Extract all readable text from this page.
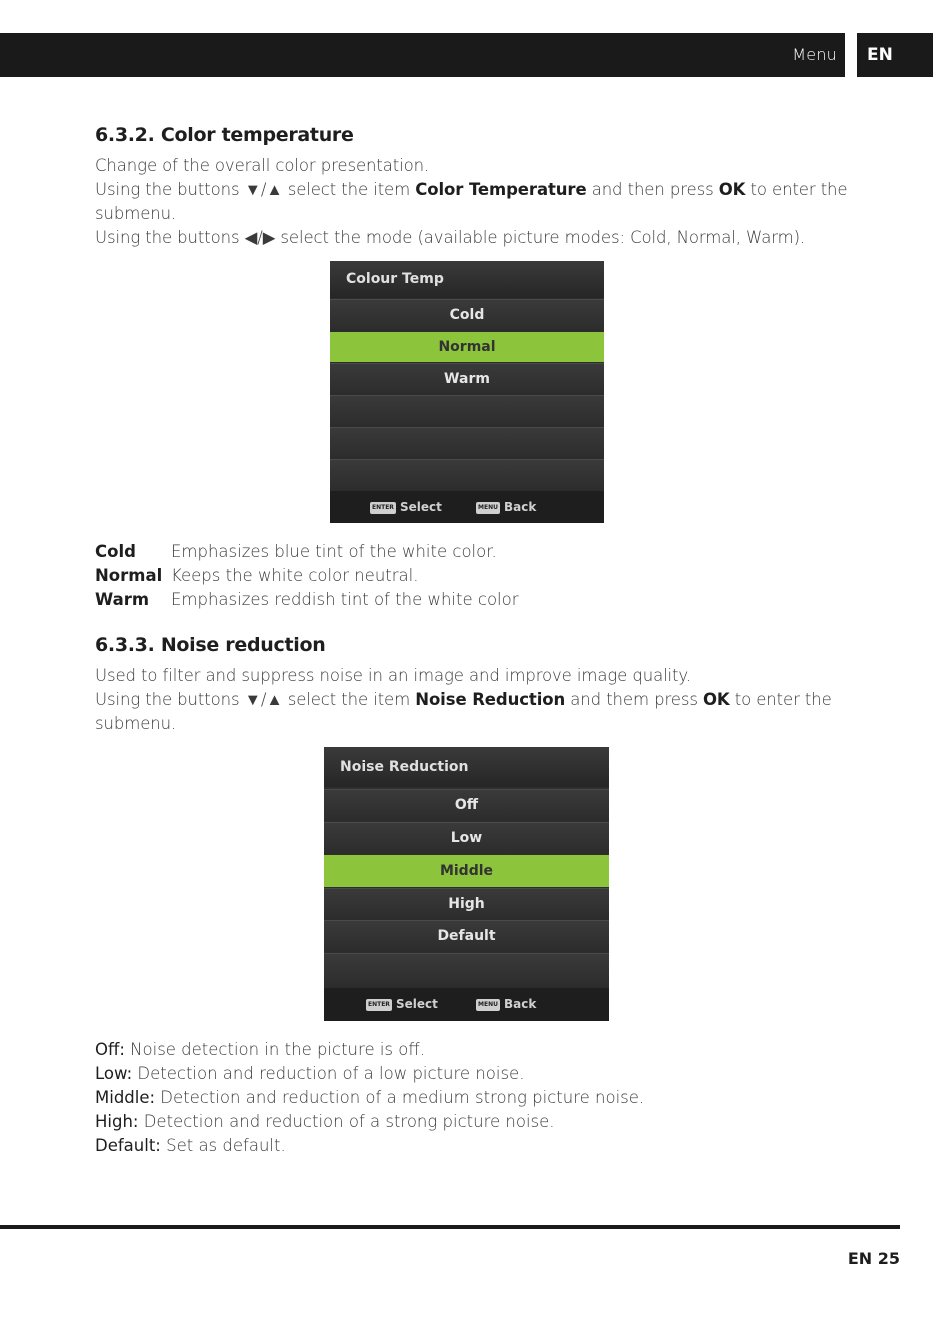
Menu	EN
6.3.2. Color temperature

Change of the overall color presentation.

Using the buttons ▼/▲ select the item Color Temperature and then press OK to enter the

submenu.

Using the buttons ◀/▶ select the mode (available picture modes: Cold, Normal, Warm).

Colour Temp
Cold
Normal
Warm
ENTER Select	MENU Back
Cold Emphasizes blue tint of the white color.
Normal Keeps the white color neutral.
Warm Emphasizes reddish tint of the white color
6.3.3. Noise reduction

Used to filter and suppress noise in an image and improve image quality.

Using the buttons ▼/▲ select the item Noise Reduction and them press OK to enter the

submenu.

Noise Reduction
Off
Low
Middle
High
Default
ENTER Select	MENU Back
Off: Noise detection in the picture is off.
Low: Detection and reduction of a low picture noise.
Middle: Detection and reduction of a medium strong picture noise.
High: Detection and reduction of a strong picture noise.
Default: Set as default.
EN 25
